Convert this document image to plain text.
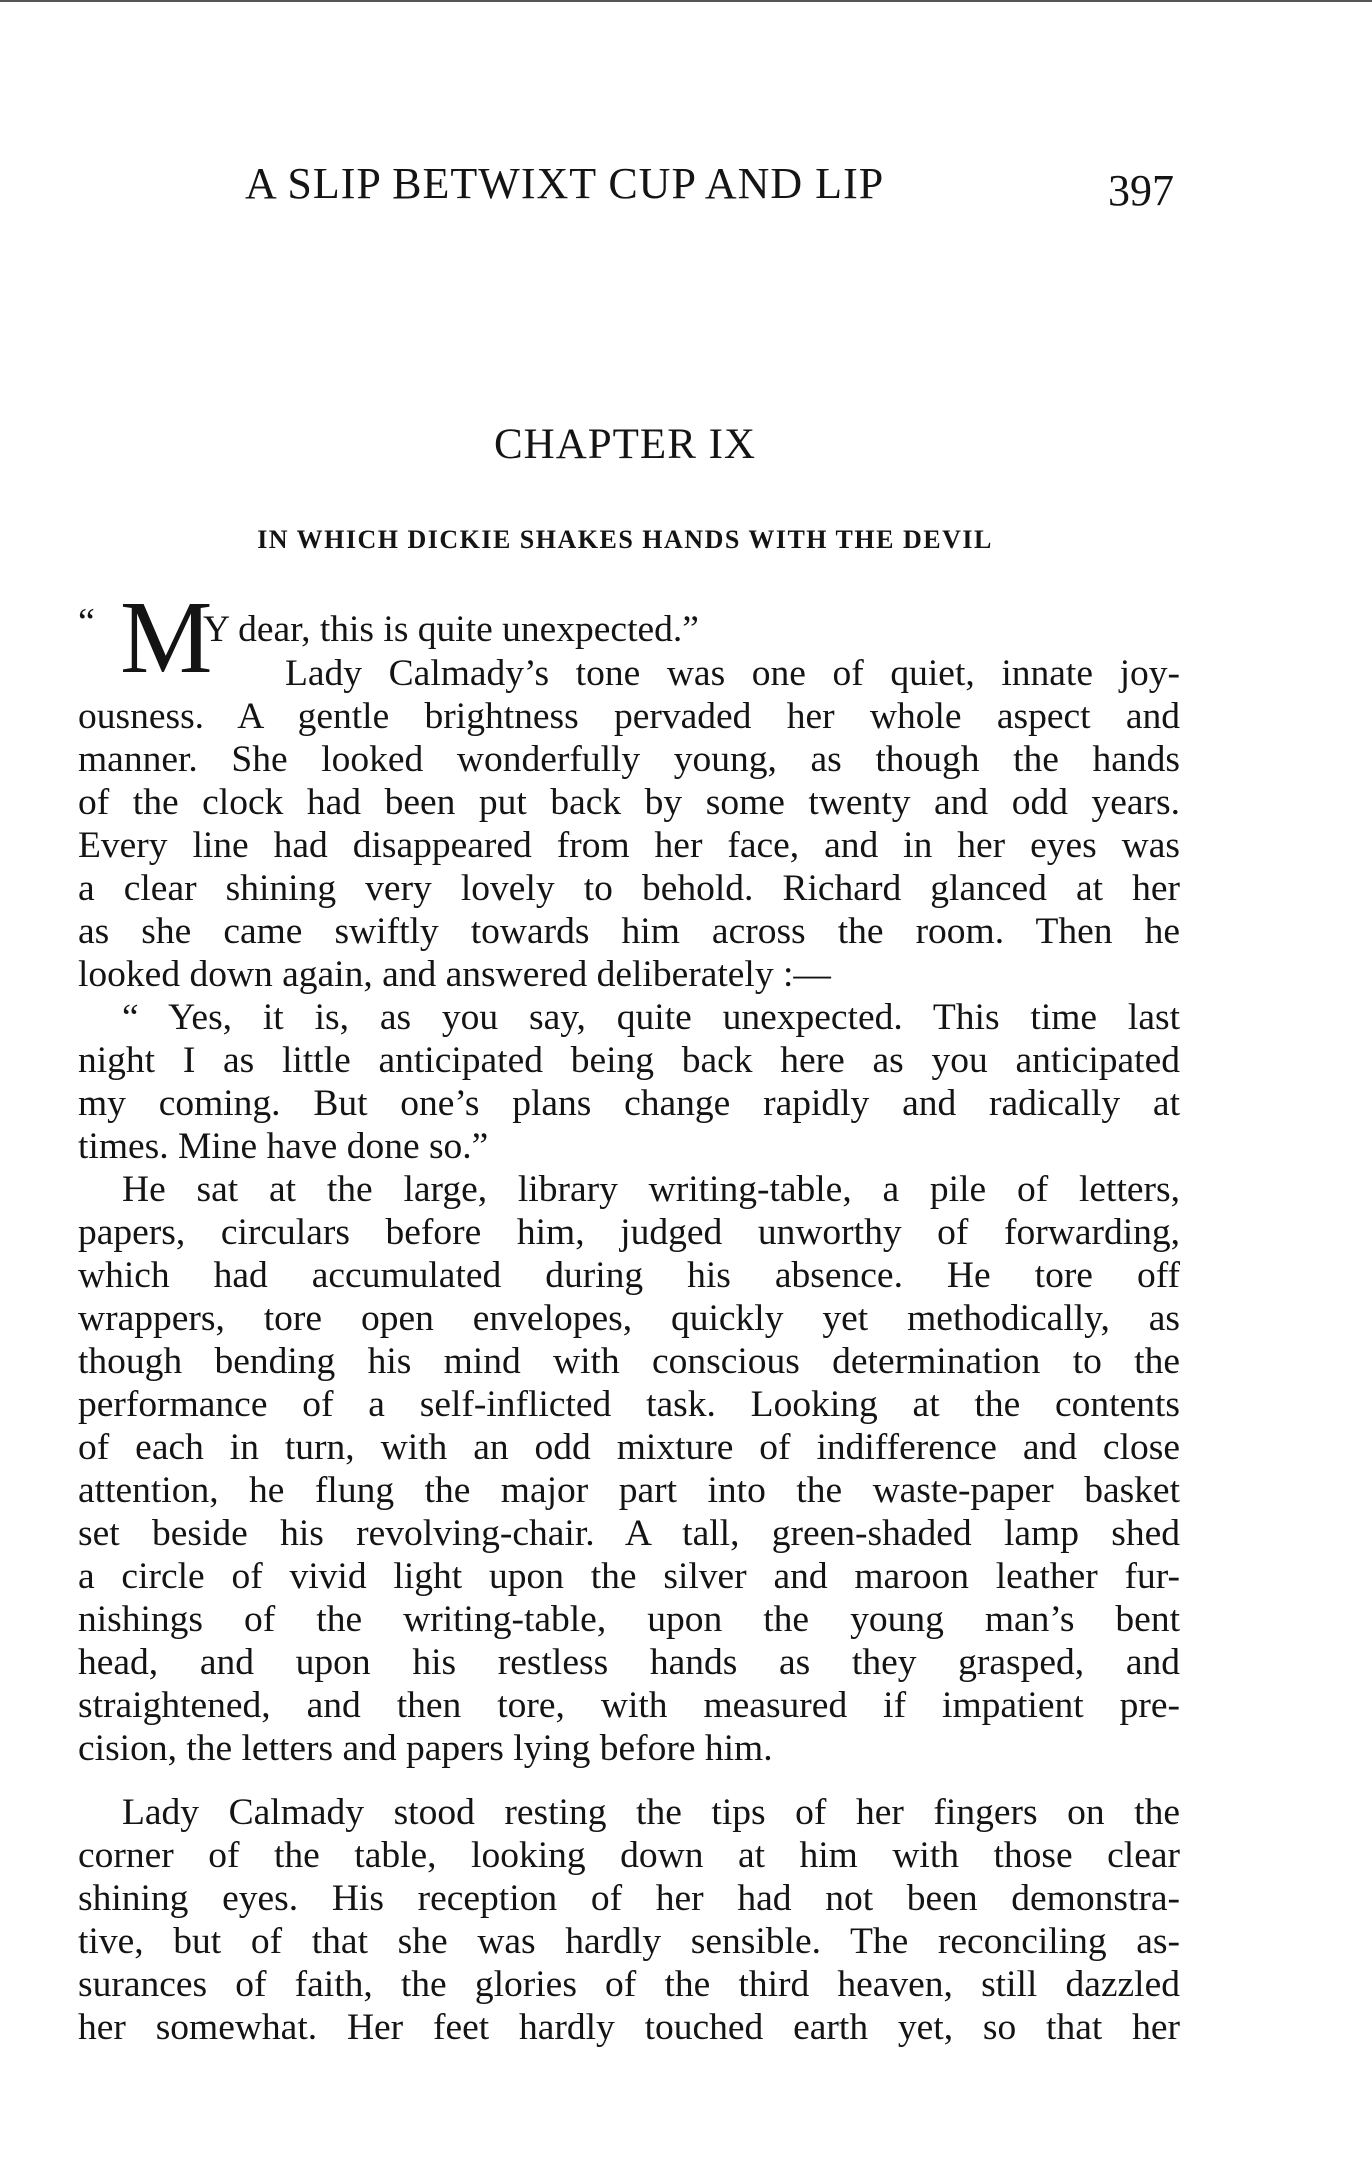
A SLIP BETWIXT CUP AND LIP	397
CHAPTER IX
IN WHICH DICKIE SHAKES HANDS WITH THE DEVIL
“ M
Y dear, this is quite unexpected.”
Lady Calmady’s tone was one of quiet, innate joy-
ousness. A gentle brightness pervaded her whole aspect and
manner. She looked wonderfully young, as though the hands
of the clock had been put back by some twenty and odd years.
Every line had disappeared from her face, and in her eyes was
a clear shining very lovely to behold. Richard glanced at her
as she came swiftly towards him across the room. Then he
looked down again, and answered deliberately :—
“ Yes, it is, as you say, quite unexpected. This time last
night I as little anticipated being back here as you anticipated
my coming. But one’s plans change rapidly and radically at
times. Mine have done so.”
He sat at the large, library writing-table, a pile of letters,
papers, circulars before him, judged unworthy of forwarding,
which had accumulated during his absence. He tore off
wrappers, tore open envelopes, quickly yet methodically, as
though bending his mind with conscious determination to the
performance of a self-inflicted task. Looking at the contents
of each in turn, with an odd mixture of indifference and close
attention, he flung the major part into the waste-paper basket
set beside his revolving-chair. A tall, green-shaded lamp shed
a circle of vivid light upon the silver and maroon leather fur-
nishings of the writing-table, upon the young man’s bent
head, and upon his restless hands as they grasped, and
straightened, and then tore, with measured if impatient pre-
cision, the letters and papers lying before him.
Lady Calmady stood resting the tips of her fingers on the
corner of the table, looking down at him with those clear
shining eyes. His reception of her had not been demonstra-
tive, but of that she was hardly sensible. The reconciling as-
surances of faith, the glories of the third heaven, still dazzled
her somewhat. Her feet hardly touched earth yet, so that her
